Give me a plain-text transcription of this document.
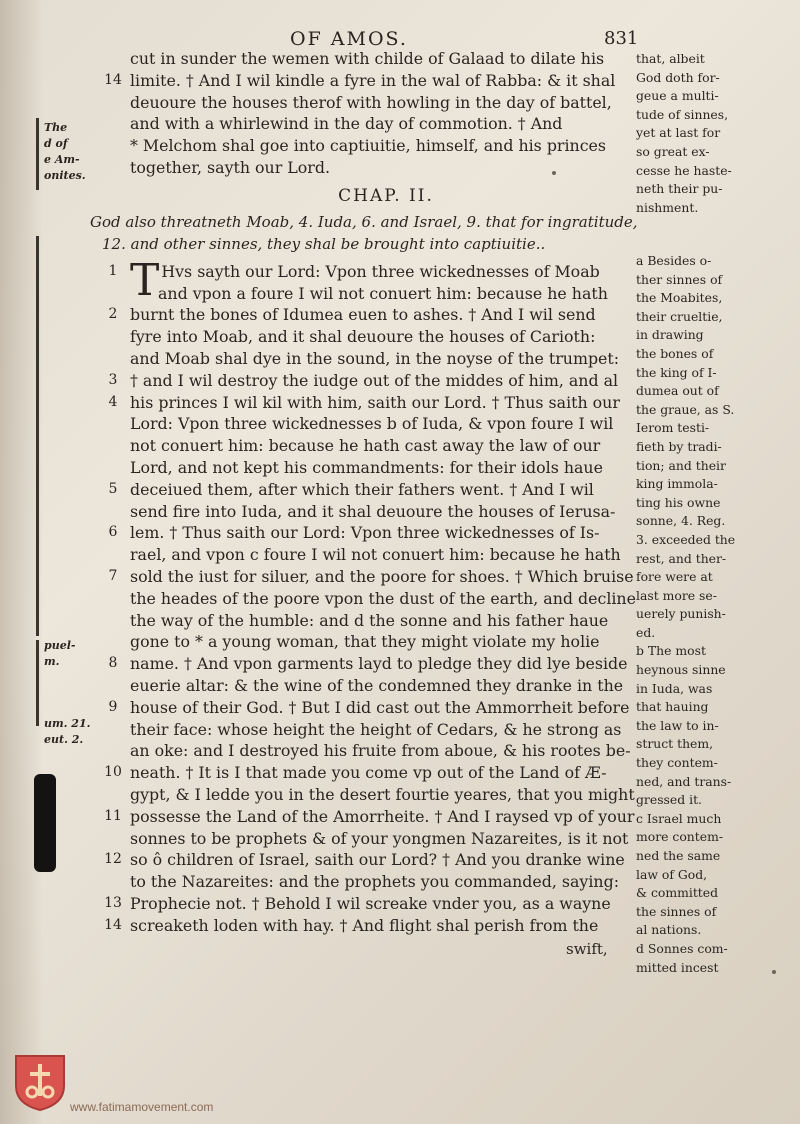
OF AMOS.	831
The
d of
e Am-
onites.
puel-
m.
um. 21.
eut. 2.
cut in sunder the wemen with childe of Galaad to dilate his
14 limite. † And I wil kindle a fyre in the wal of Rabba: & it shal
deuoure the houses therof with howling in the day of battel,
and with a whirlewind in the day of commotion. † And
* Melchom shal goe into captiuitie, himself, and his princes
together, sayth our Lord.
CHAP. II.
God also threatneth Moab, 4. Iuda, 6. and Israel, 9. that for ingratitude,
12. and other sinnes, they shal be brought into captiuitie..
1 T Hvs sayth our Lord: Vpon three wickednesses of Moab
and vpon a foure I wil not conuert him: because he hath
2 burnt the bones of Idumea euen to ashes. † And I wil send
fyre into Moab, and it shal deuoure the houses of Carioth:
and Moab shal dye in the sound, in the noyse of the trumpet:
3 † and I wil destroy the iudge out of the middes of him, and al
4 his princes I wil kil with him, saith our Lord. † Thus saith our
Lord: Vpon three wickednesses b of Iuda, & vpon foure I wil
not conuert him: because he hath cast away the law of our
Lord, and not kept his commandments: for their idols haue
5 deceiued them, after which their fathers went. † And I wil
send fire into Iuda, and it shal deuoure the houses of Ierusa-
6 lem. † Thus saith our Lord: Vpon three wickednesses of Is-
rael, and vpon c foure I wil not conuert him: because he hath
7 sold the iust for siluer, and the poore for shoes. † Which bruise
the heades of the poore vpon the dust of the earth, and decline
the way of the humble: and d the sonne and his father haue
gone to * a young woman, that they might violate my holie
8 name. † And vpon garments layd to pledge they did lye beside
euerie altar: & the wine of the condemned they dranke in the
9 house of their God. † But I did cast out the Ammorrheit before
their face: whose height the height of Cedars, & he strong as
an oke: and I destroyed his fruite from aboue, & his rootes be-
10 neath. † It is I that made you come vp out of the Land of Æ-
gypt, & I ledde you in the desert fourtie yeares, that you might
11 possesse the Land of the Amorrheite. † And I raysed vp of your
sonnes to be prophets & of your yongmen Nazareites, is it not
12 so ô children of Israel, saith our Lord? † And you dranke wine
to the Nazareites: and the prophets you commanded, saying:
13 Prophecie not. † Behold I wil screake vnder you, as a wayne
14 screaketh loden with hay. † And flight shal perish from the
swift,
that, albeit
God doth for-
geue a multi-
tude of sinnes,
yet at last for
so great ex-
cesse he haste-
neth their pu-
nishment.
a Besides o-
ther sinnes of
the Moabites,
their crueltie,
in drawing
the bones of
the king of I-
dumea out of
the graue, as S.
Ierom testi-
fieth by tradi-
tion; and their
king immola-
ting his owne
sonne, 4. Reg.
3. exceeded the
rest, and ther-
fore were at
last more se-
uerely punish-
ed.
b The most
heynous sinne
in Iuda, was
that hauing
the law to in-
struct them,
they contem-
ned, and trans-
gressed it.
c Israel much
more contem-
ned the same
law of God,
& committed
the sinnes of
al nations.
d Sonnes com-
mitted incest
www.fatimamovement.com
